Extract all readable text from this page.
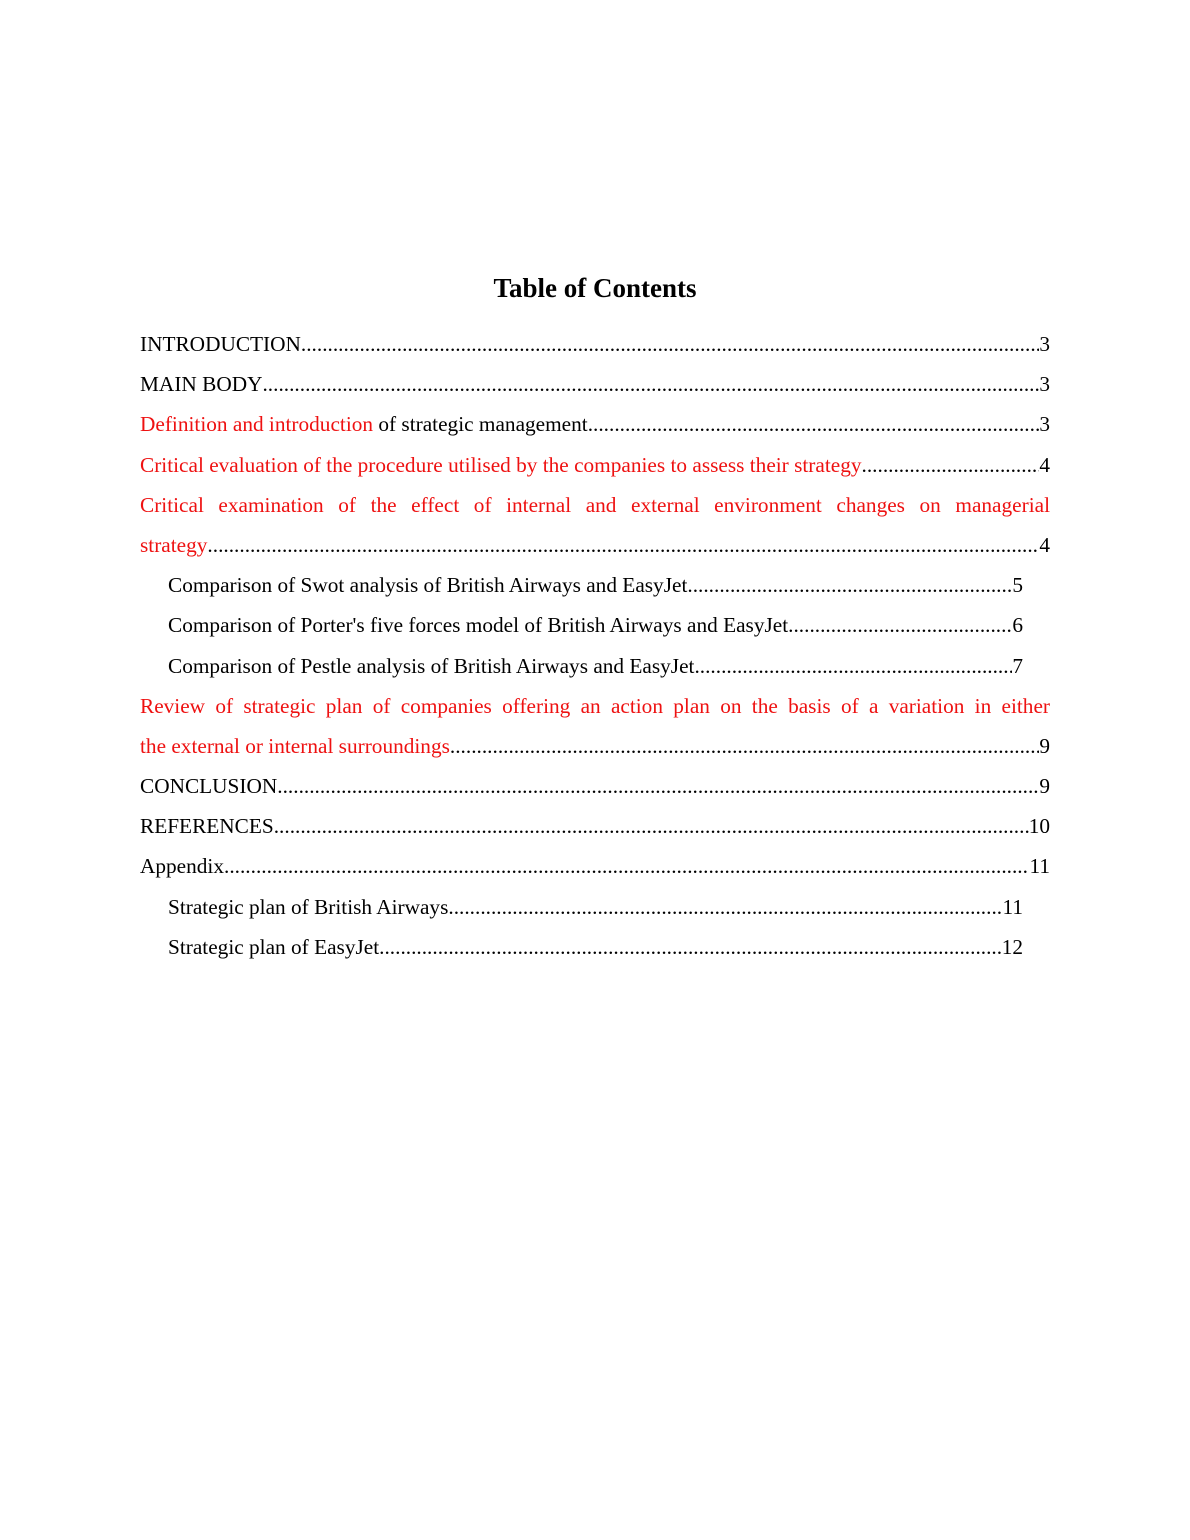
Table of Contents
INTRODUCTION .....	3
MAIN BODY .....	3
Definition and introduction of strategic management .....	3
Critical evaluation of the procedure utilised by the companies to assess their strategy .....	4
Critical examination of the effect of internal and external environment changes on managerial
strategy .....	4
Comparison of Swot analysis of British Airways and EasyJet .....	5
Comparison of Porter's five forces model of British Airways and EasyJet .....	6
Comparison of Pestle analysis of British Airways and EasyJet .....	7
Review of strategic plan of companies offering an action plan on the basis of a variation in either
the external or internal surroundings .....	9
CONCLUSION .....	9
REFERENCES .....	10
Appendix .....	11
Strategic plan of British Airways .....	11
Strategic plan of EasyJet .....	12
